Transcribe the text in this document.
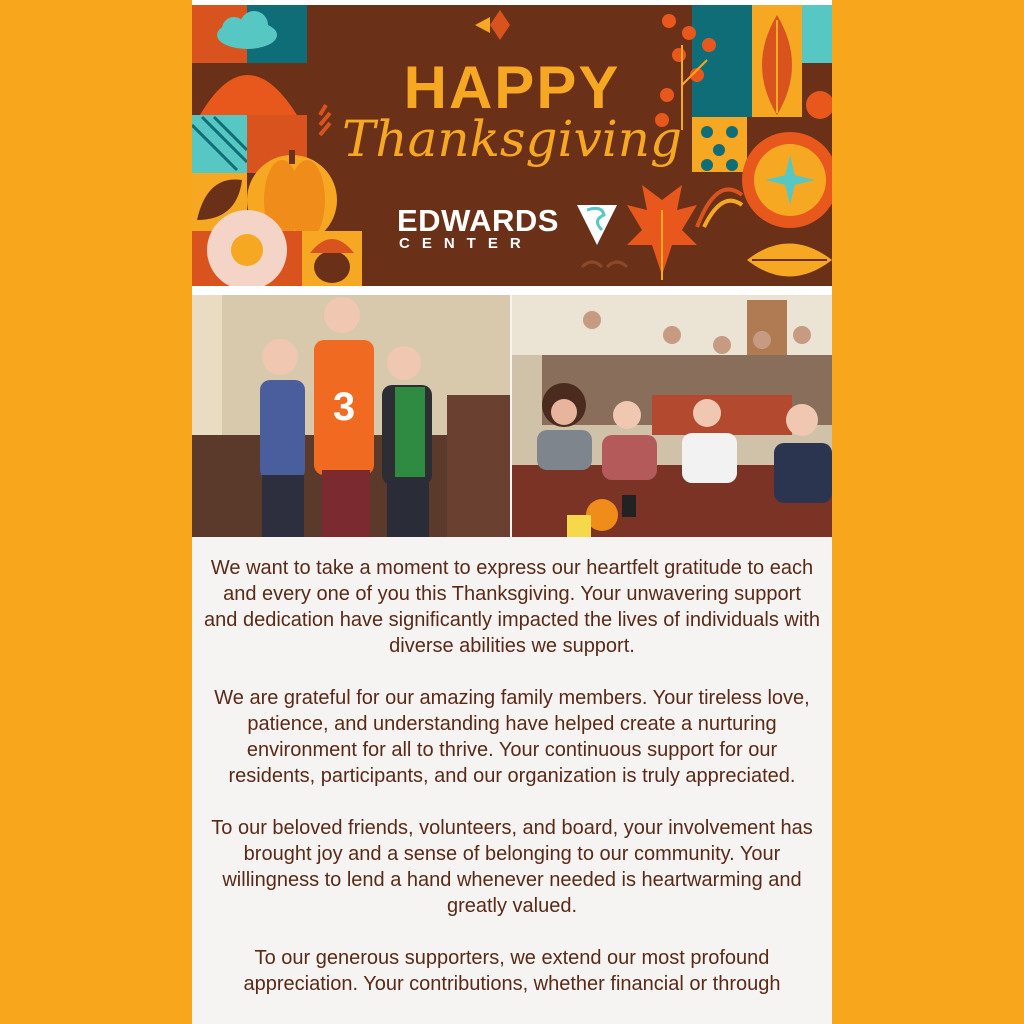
HAPPY
Thanksgiving
EDWARDS
CENTER
3

We want to take a moment to express our heartfelt gratitude to each and every one of you this Thanksgiving. Your unwavering support and dedication have significantly impacted the lives of individuals with diverse abilities we support.

We are grateful for our amazing family members. Your tireless love, patience, and understanding have helped create a nurturing environment for all to thrive. Your continuous support for our residents, participants, and our organization is truly appreciated.

To our beloved friends, volunteers, and board, your involvement has brought joy and a sense of belonging to our community. Your willingness to lend a hand whenever needed is heartwarming and greatly valued.

To our generous supporters, we extend our most profound appreciation. Your contributions, whether financial or through
